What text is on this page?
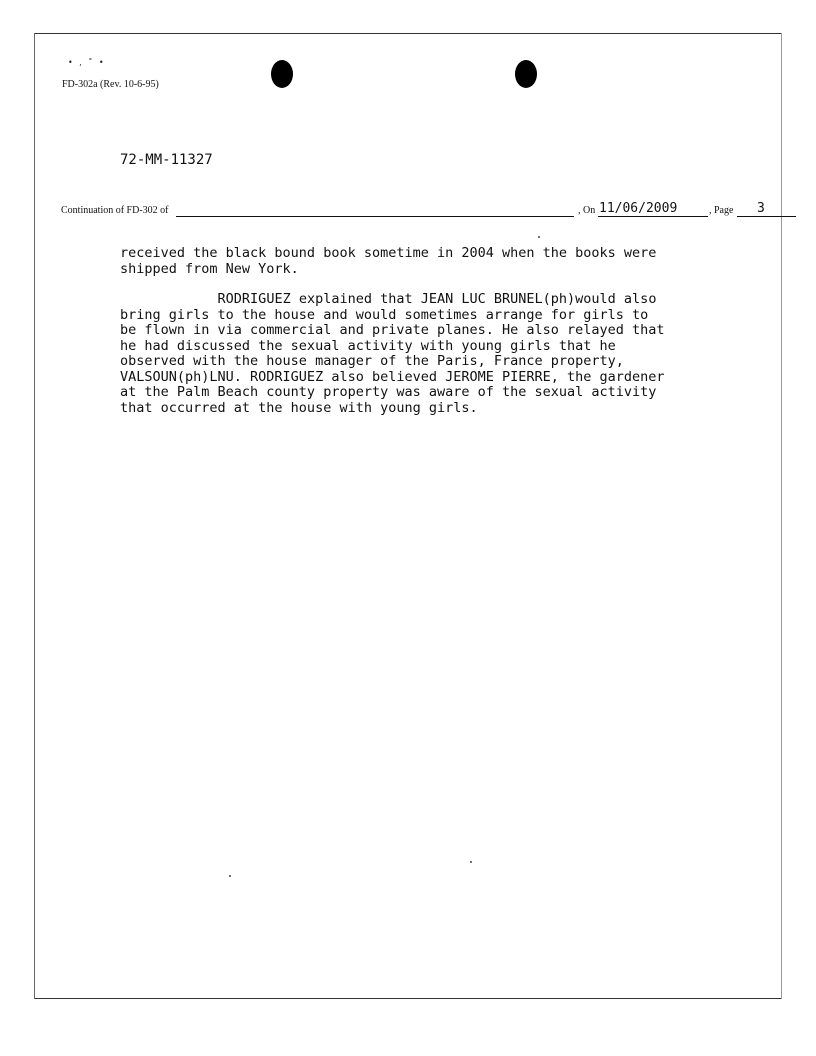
• ‚ ˚ •
FD-302a (Rev. 10-6-95)
72-MM-11327
Continuation of FD-302 of	, On 11/06/2009	, Page	3

received the black bound book sometime in 2004 when the books were
shipped from New York.

RODRIGUEZ explained that JEAN LUC BRUNEL(ph)would also
bring girls to the house and would sometimes arrange for girls to
be flown in via commercial and private planes. He also relayed that
he had discussed the sexual activity with young girls that he
observed with the house manager of the Paris, France property,
VALSOUN(ph)LNU. RODRIGUEZ also believed JEROME PIERRE, the gardener
at the Palm Beach county property was aware of the sexual activity
that occurred at the house with young girls.
